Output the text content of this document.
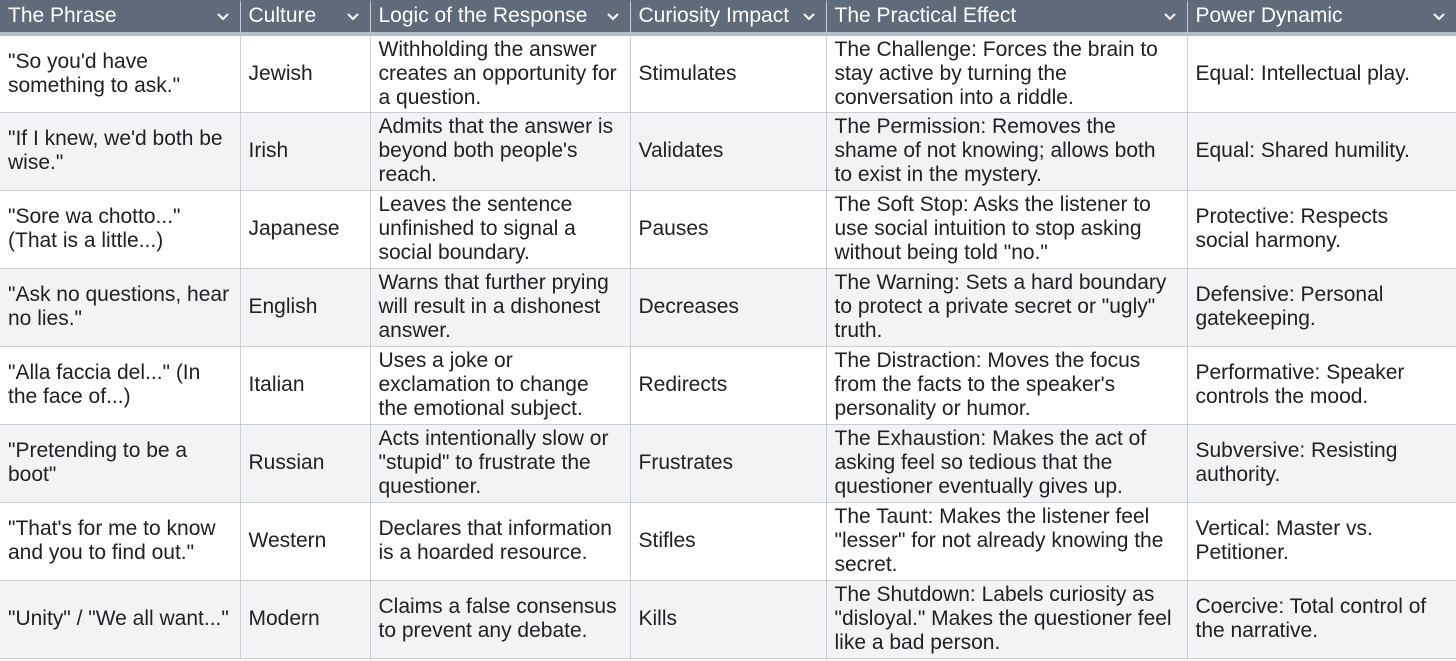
The Phrase	Culture	Logic of the Response	Curiosity Impact	The Practical Effect	Power Dynamic

"So you'd have something to ask."	Jewish	Withholding the answer creates an opportunity for a question.	Stimulates	The Challenge: Forces the brain to stay active by turning the conversation into a riddle.	Equal: Intellectual play.
"If I knew, we'd both be wise."	Irish	Admits that the answer is beyond both people's reach.	Validates	The Permission: Removes the shame of not knowing; allows both to exist in the mystery.	Equal: Shared humility.
"Sore wa chotto..." (That is a little...)	Japanese	Leaves the sentence unfinished to signal a social boundary.	Pauses	The Soft Stop: Asks the listener to use social intuition to stop asking without being told "no."	Protective: Respects social harmony.
"Ask no questions, hear no lies."	English	Warns that further prying will result in a dishonest answer.	Decreases	The Warning: Sets a hard boundary to protect a private secret or "ugly" truth.	Defensive: Personal gatekeeping.
"Alla faccia del..." (In the face of...)	Italian	Uses a joke or exclamation to change the emotional subject.	Redirects	The Distraction: Moves the focus from the facts to the speaker's personality or humor.	Performative: Speaker controls the mood.
"Pretending to be a boot"	Russian	Acts intentionally slow or "stupid" to frustrate the questioner.	Frustrates	The Exhaustion: Makes the act of asking feel so tedious that the questioner eventually gives up.	Subversive: Resisting authority.
"That's for me to know and you to find out."	Western	Declares that information is a hoarded resource.	Stifles	The Taunt: Makes the listener feel "lesser" for not already knowing the secret.	Vertical: Master vs. Petitioner.
"Unity" / "We all want..."	Modern	Claims a false consensus to prevent any debate.	Kills	The Shutdown: Labels curiosity as "disloyal." Makes the questioner feel like a bad person.	Coercive: Total control of the narrative.
